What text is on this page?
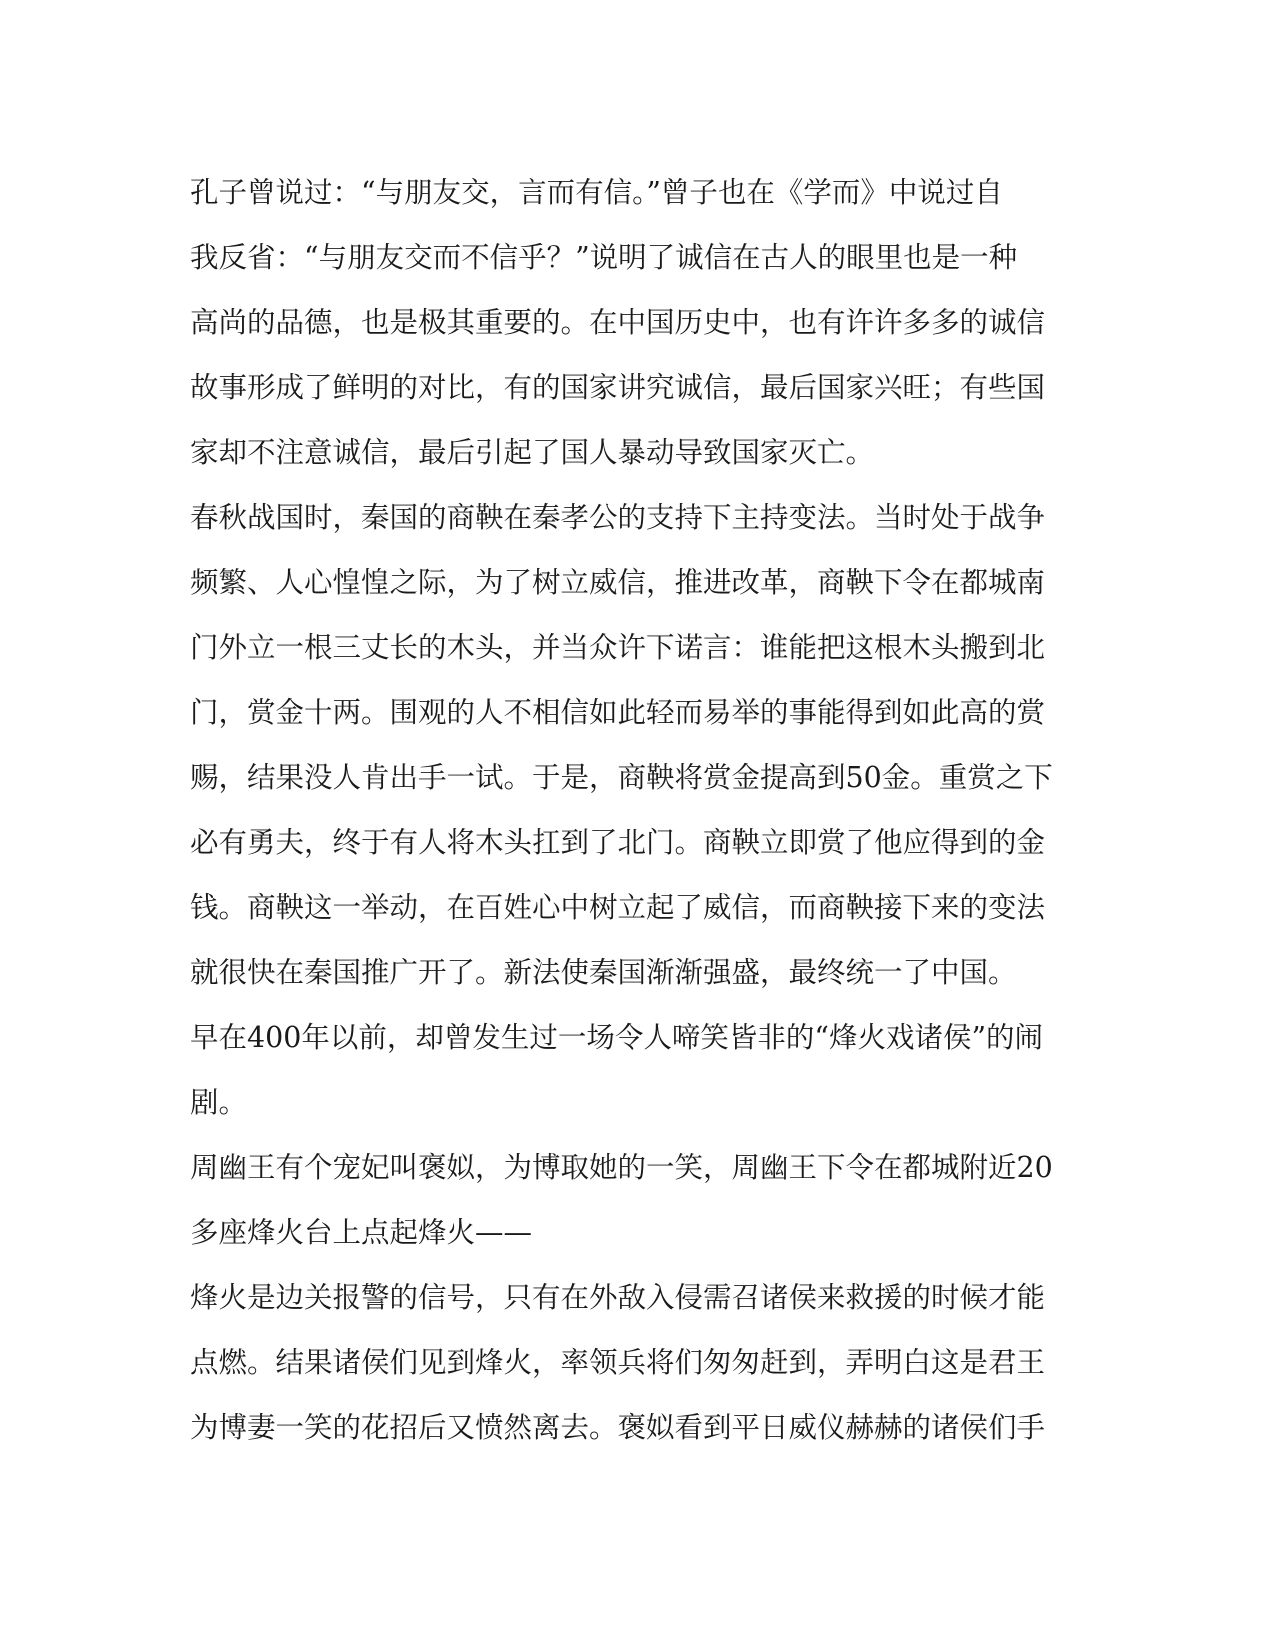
孔子曾说过：“与朋友交，言而有信。”曾子也在《学而》中说过自
我反省：“与朋友交而不信乎？”说明了诚信在古人的眼里也是一种
高尚的品德，也是极其重要的。在中国历史中，也有许许多多的诚信
故事形成了鲜明的对比，有的国家讲究诚信，最后国家兴旺；有些国
家却不注意诚信，最后引起了国人暴动导致国家灭亡。
春秋战国时，秦国的商鞅在秦孝公的支持下主持变法。当时处于战争
频繁、人心惶惶之际，为了树立威信，推进改革，商鞅下令在都城南
门外立一根三丈长的木头，并当众许下诺言：谁能把这根木头搬到北
门，赏金十两。围观的人不相信如此轻而易举的事能得到如此高的赏
赐，结果没人肯出手一试。于是，商鞅将赏金提高到50金。重赏之下
必有勇夫，终于有人将木头扛到了北门。商鞅立即赏了他应得到的金
钱。商鞅这一举动，在百姓心中树立起了威信，而商鞅接下来的变法
就很快在秦国推广开了。新法使秦国渐渐强盛，最终统一了中国。
早在400年以前，却曾发生过一场令人啼笑皆非的“烽火戏诸侯”的闹
剧。
周幽王有个宠妃叫褒姒，为博取她的一笑，周幽王下令在都城附近20
多座烽火台上点起烽火——
烽火是边关报警的信号，只有在外敌入侵需召诸侯来救援的时候才能
点燃。结果诸侯们见到烽火，率领兵将们匆匆赶到，弄明白这是君王
为博妻一笑的花招后又愤然离去。褒姒看到平日威仪赫赫的诸侯们手
